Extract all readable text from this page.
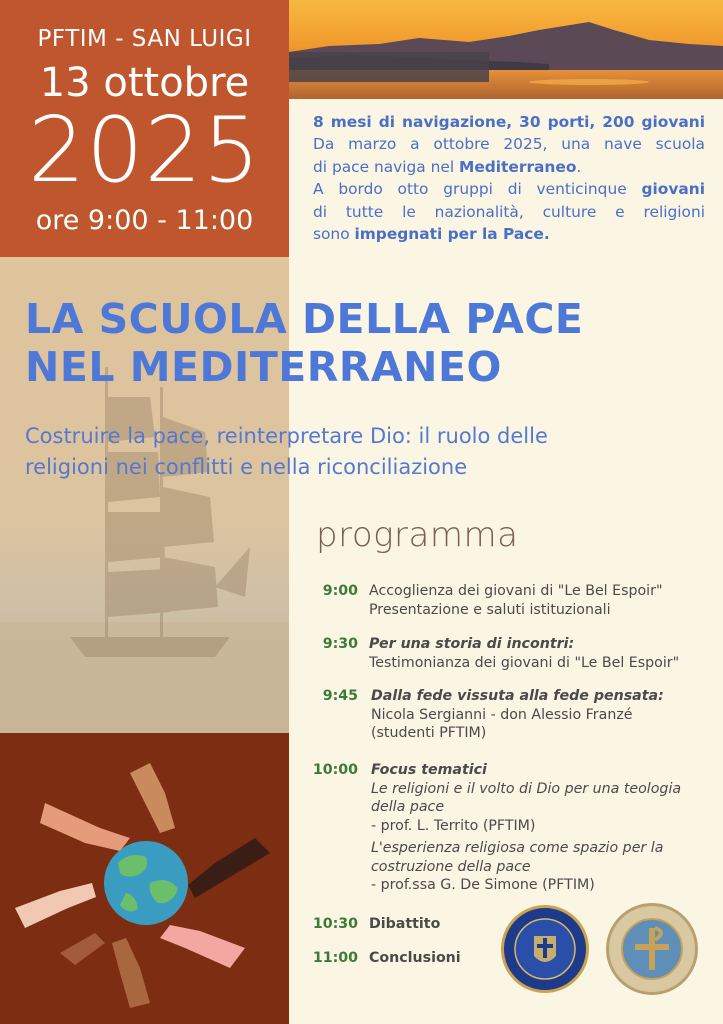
PFTIM - SAN LUIGI
13 ottobre
2025
ore 9:00 - 11:00

8 mesi di navigazione, 30 porti, 200 giovani

Da marzo a ottobre 2025, una nave scuola

di pace naviga nel Mediterraneo.

A bordo otto gruppi di venticinque giovani

di tutte le nazionalità, culture e religioni

sono impegnati per la Pace.

LA SCUOLA DELLA PACE
NEL MEDITERRANEO
Costruire la pace, reinterpretare Dio: il ruolo delle
religioni nei conflitti e nella riconciliazione
programma
9:00 Accoglienza dei giovani di "Le Bel Espoir"
Presentazione e saluti istituzionali
9:30 Per una storia di incontri:
Testimonianza dei giovani di "Le Bel Espoir"
9:45 Dalla fede vissuta alla fede pensata:
Nicola Sergianni - don Alessio Franzé
(studenti PFTIM)
10:00 Focus tematici
Le religioni e il volto di Dio per una teologia
della pace
- prof. L. Territo (PFTIM)
L'esperienza religiosa come spazio per la
costruzione della pace
- prof.ssa G. De Simone (PFTIM)
10:30 Dibattito
11:00 Conclusioni
